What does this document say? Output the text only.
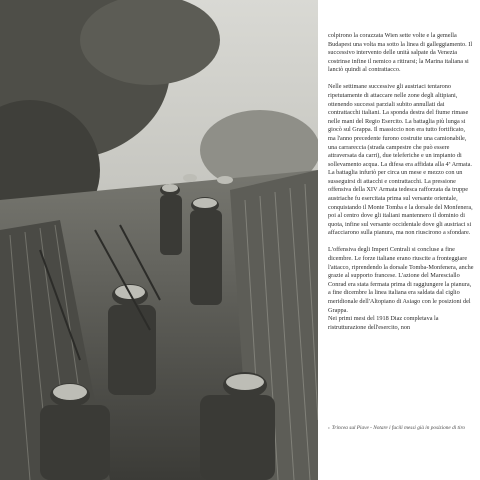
colpirono la corazzata Wien sette volte e la gemella Budapest una volta ma sotto la linea di galleggiamento. Il successivo intervento delle unità salpate da Venezia costrinse infine il nemico a ritirarsi; la Marina italiana si lanciò quindi al contrattacco.

Nelle settimane successive gli austriaci tentarono ripetutamente di attaccare nelle zone degli altipiani, ottenendo successi parziali subito annullati dai contrattacchi italiani. La sponda destra del fiume rimase nelle mani del Regio Esercito. La battaglia più lunga si giocò sul Grappa. Il massiccio non era tutto fortificato, ma l'anno precedente furono costruite una camionabile, una carrareccia (strada campestre che può essere attraversata da carri), due teleferiche e un impianto di sollevamento acqua. La difesa era affidata alla 4ª Armata. La battaglia infuriò per circa un mese e mezzo con un susseguirsi di attacchi e contrattacchi. La pressione offensiva della XIV Armata tedesca rafforzata da truppe austriache fu esercitata prima sul versante orientale, conquistando il Monte Tomba e la dorsale del Monfenera, poi al centro dove gli italiani mantennero il dominio di quota, infine sul versante occidentale dove gli austriaci si affacciarono sulla pianura, ma non riuscirono a sfondare.

L'offensiva degli Imperi Centrali si concluse a fine dicembre. Le forze italiane erano riuscite a fronteggiare l'attacco, riprendendo la dorsale Tomba-Monfenera, anche grazie al supporto francese. L'azione del Maresciallo Conrad era stata fermata prima di raggiungere la pianura, a fine dicembre la linea italiana era saldata dal ciglio meridionale dell'Altopiano di Asiago con le posizioni del Grappa.

Nei primi mesi del 1918 Diaz completava la ristrutturazione dell'esercito, non

› Trincea sul Piave - Notare i fucili messi già in posizione di tiro
